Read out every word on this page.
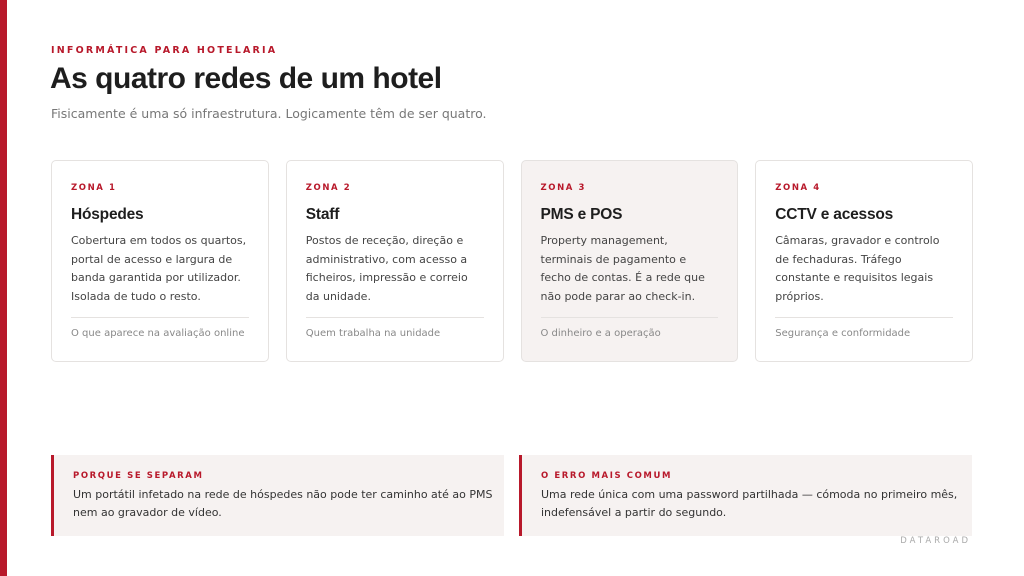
INFORMÁTICA PARA HOTELARIA
As quatro redes de um hotel
Fisicamente é uma só infraestrutura. Logicamente têm de ser quatro.
ZONA 1
Hóspedes
Cobertura em todos os quartos, portal de acesso e largura de banda garantida por utilizador. Isolada de tudo o resto.
O que aparece na avaliação online
ZONA 2
Staff
Postos de receção, direção e administrativo, com acesso a ficheiros, impressão e correio da unidade.
Quem trabalha na unidade
ZONA 3
PMS e POS
Property management, terminais de pagamento e fecho de contas. É a rede que não pode parar ao check-in.
O dinheiro e a operação
ZONA 4
CCTV e acessos
Câmaras, gravador e controlo de fechaduras. Tráfego constante e requisitos legais próprios.
Segurança e conformidade
PORQUE SE SEPARAM
Um portátil infetado na rede de hóspedes não pode ter caminho até ao PMS nem ao gravador de vídeo.
O ERRO MAIS COMUM
Uma rede única com uma password partilhada — cómoda no primeiro mês, indefensável a partir do segundo.
DATAROAD
